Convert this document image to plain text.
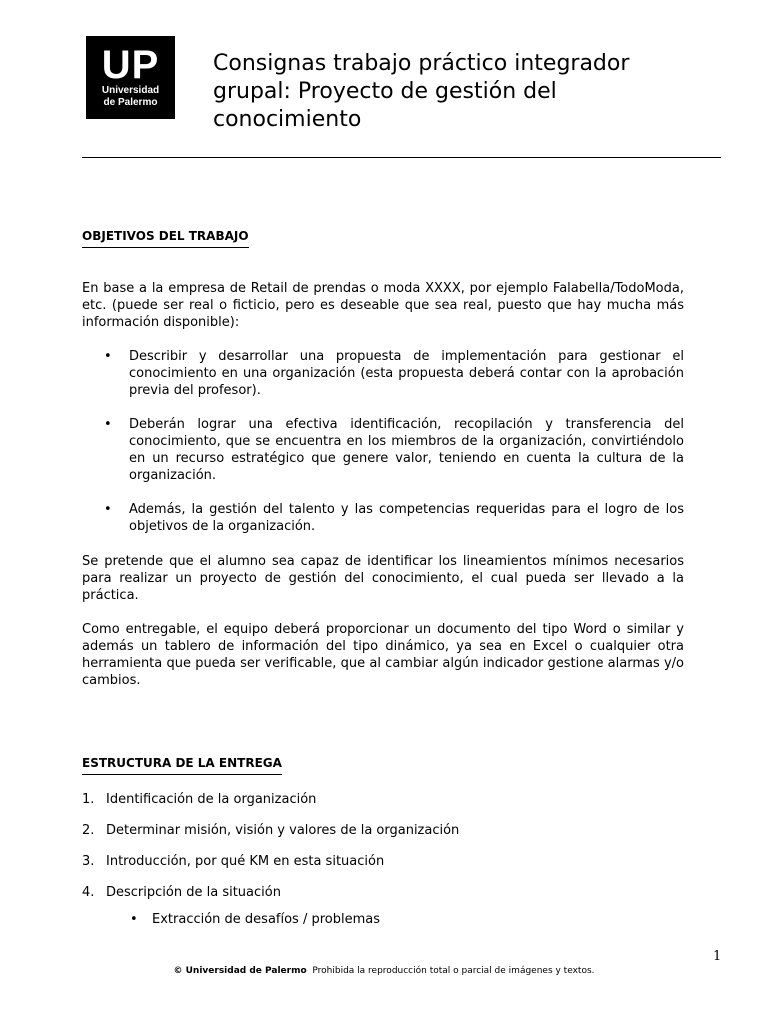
UP
Universidad
de Palermo
Consignas trabajo práctico integrador grupal: Proyecto de gestión del conocimiento
OBJETIVOS DEL TRABAJO

En base a la empresa de Retail de prendas o moda XXXX, por ejemplo Falabella/TodoModa, etc. (puede ser real o ficticio, pero es deseable que sea real, puesto que hay mucha más información disponible):

• Describir y desarrollar una propuesta de implementación para gestionar el conocimiento en una organización (esta propuesta deberá contar con la aprobación previa del profesor).
• Deberán lograr una efectiva identificación, recopilación y transferencia del conocimiento, que se encuentra en los miembros de la organización, convirtiéndolo en un recurso estratégico que genere valor, teniendo en cuenta la cultura de la organización.
• Además, la gestión del talento y las competencias requeridas para el logro de los objetivos de la organización.

Se pretende que el alumno sea capaz de identificar los lineamientos mínimos necesarios para realizar un proyecto de gestión del conocimiento, el cual pueda ser llevado a la práctica.

Como entregable, el equipo deberá proporcionar un documento del tipo Word o similar y además un tablero de información del tipo dinámico, ya sea en Excel o cualquier otra herramienta que pueda ser verificable, que al cambiar algún indicador gestione alarmas y/o cambios.

ESTRUCTURA DE LA ENTREGA
1. Identificación de la organización
2. Determinar misión, visión y valores de la organización
3. Introducción, por qué KM en esta situación
4. Descripción de la situación
• Extracción de desafíos / problemas
1
© Universidad de Palermo Prohibida la reproducción total o parcial de imágenes y textos.
